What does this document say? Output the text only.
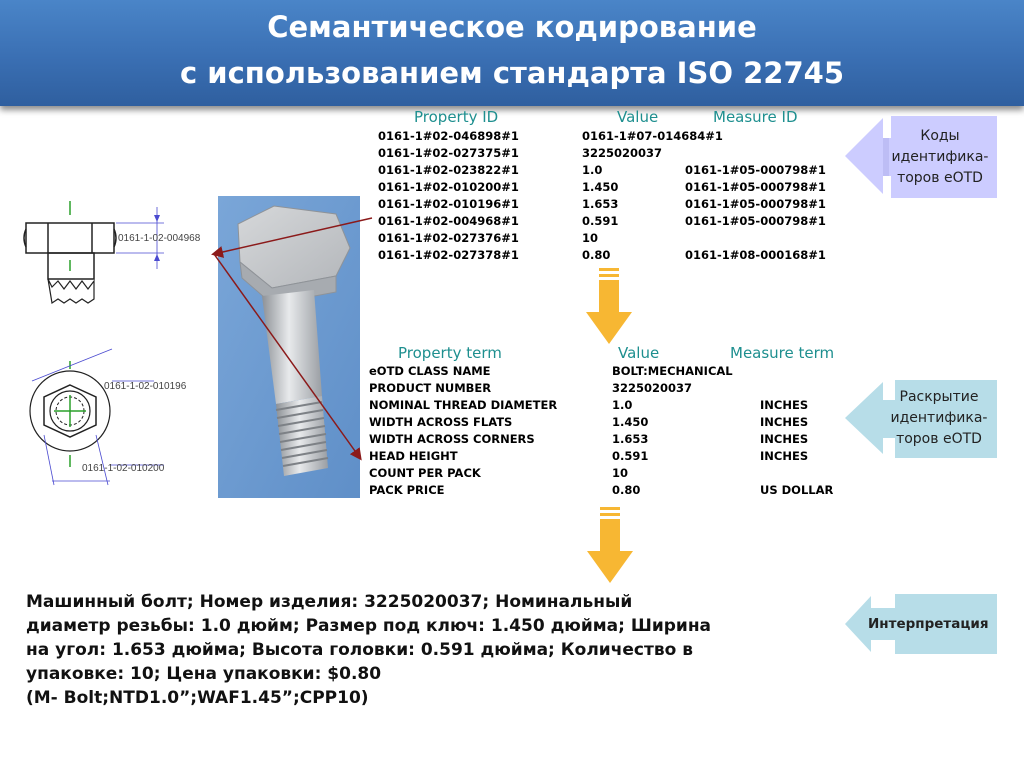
Семантическое кодирование
с использованием стандарта ISO 22745
0161-1-02-004968
0161-1-02-010196
0161-1-02-010200
Property ID	Value	Measure ID
0161-1#02-046898#1	0161-1#07-014684#1
0161-1#02-027375#1	3225020037
0161-1#02-023822#1	1.0	0161-1#05-000798#1
0161-1#02-010200#1	1.450	0161-1#05-000798#1
0161-1#02-010196#1	1.653	0161-1#05-000798#1
0161-1#02-004968#1	0.591	0161-1#05-000798#1
0161-1#02-027376#1	10
0161-1#02-027378#1	0.80	0161-1#08-000168#1
Property term	Value	Measure term
eOTD CLASS NAME	BOLT:MECHANICAL
PRODUCT NUMBER	3225020037
NOMINAL THREAD DIAMETER	1.0	INCHES
WIDTH ACROSS FLATS	1.450	INCHES
WIDTH ACROSS CORNERS	1.653	INCHES
HEAD HEIGHT	0.591	INCHES
COUNT PER PACK	10
PACK PRICE	0.80	US DOLLAR
Коды
идентифика-
торов eOTD
Раскрытие
идентифика-
торов eOTD
Интерпретация
Машинный болт; Номер изделия: 3225020037; Номинальный
диаметр резьбы: 1.0 дюйм; Размер под ключ: 1.450 дюйма; Ширина
на угол: 1.653 дюйма; Высота головки: 0.591 дюйма; Количество в
упаковке: 10; Цена упаковки: $0.80
(M- Bolt;NTD1.0”;WAF1.45”;CPP10)
